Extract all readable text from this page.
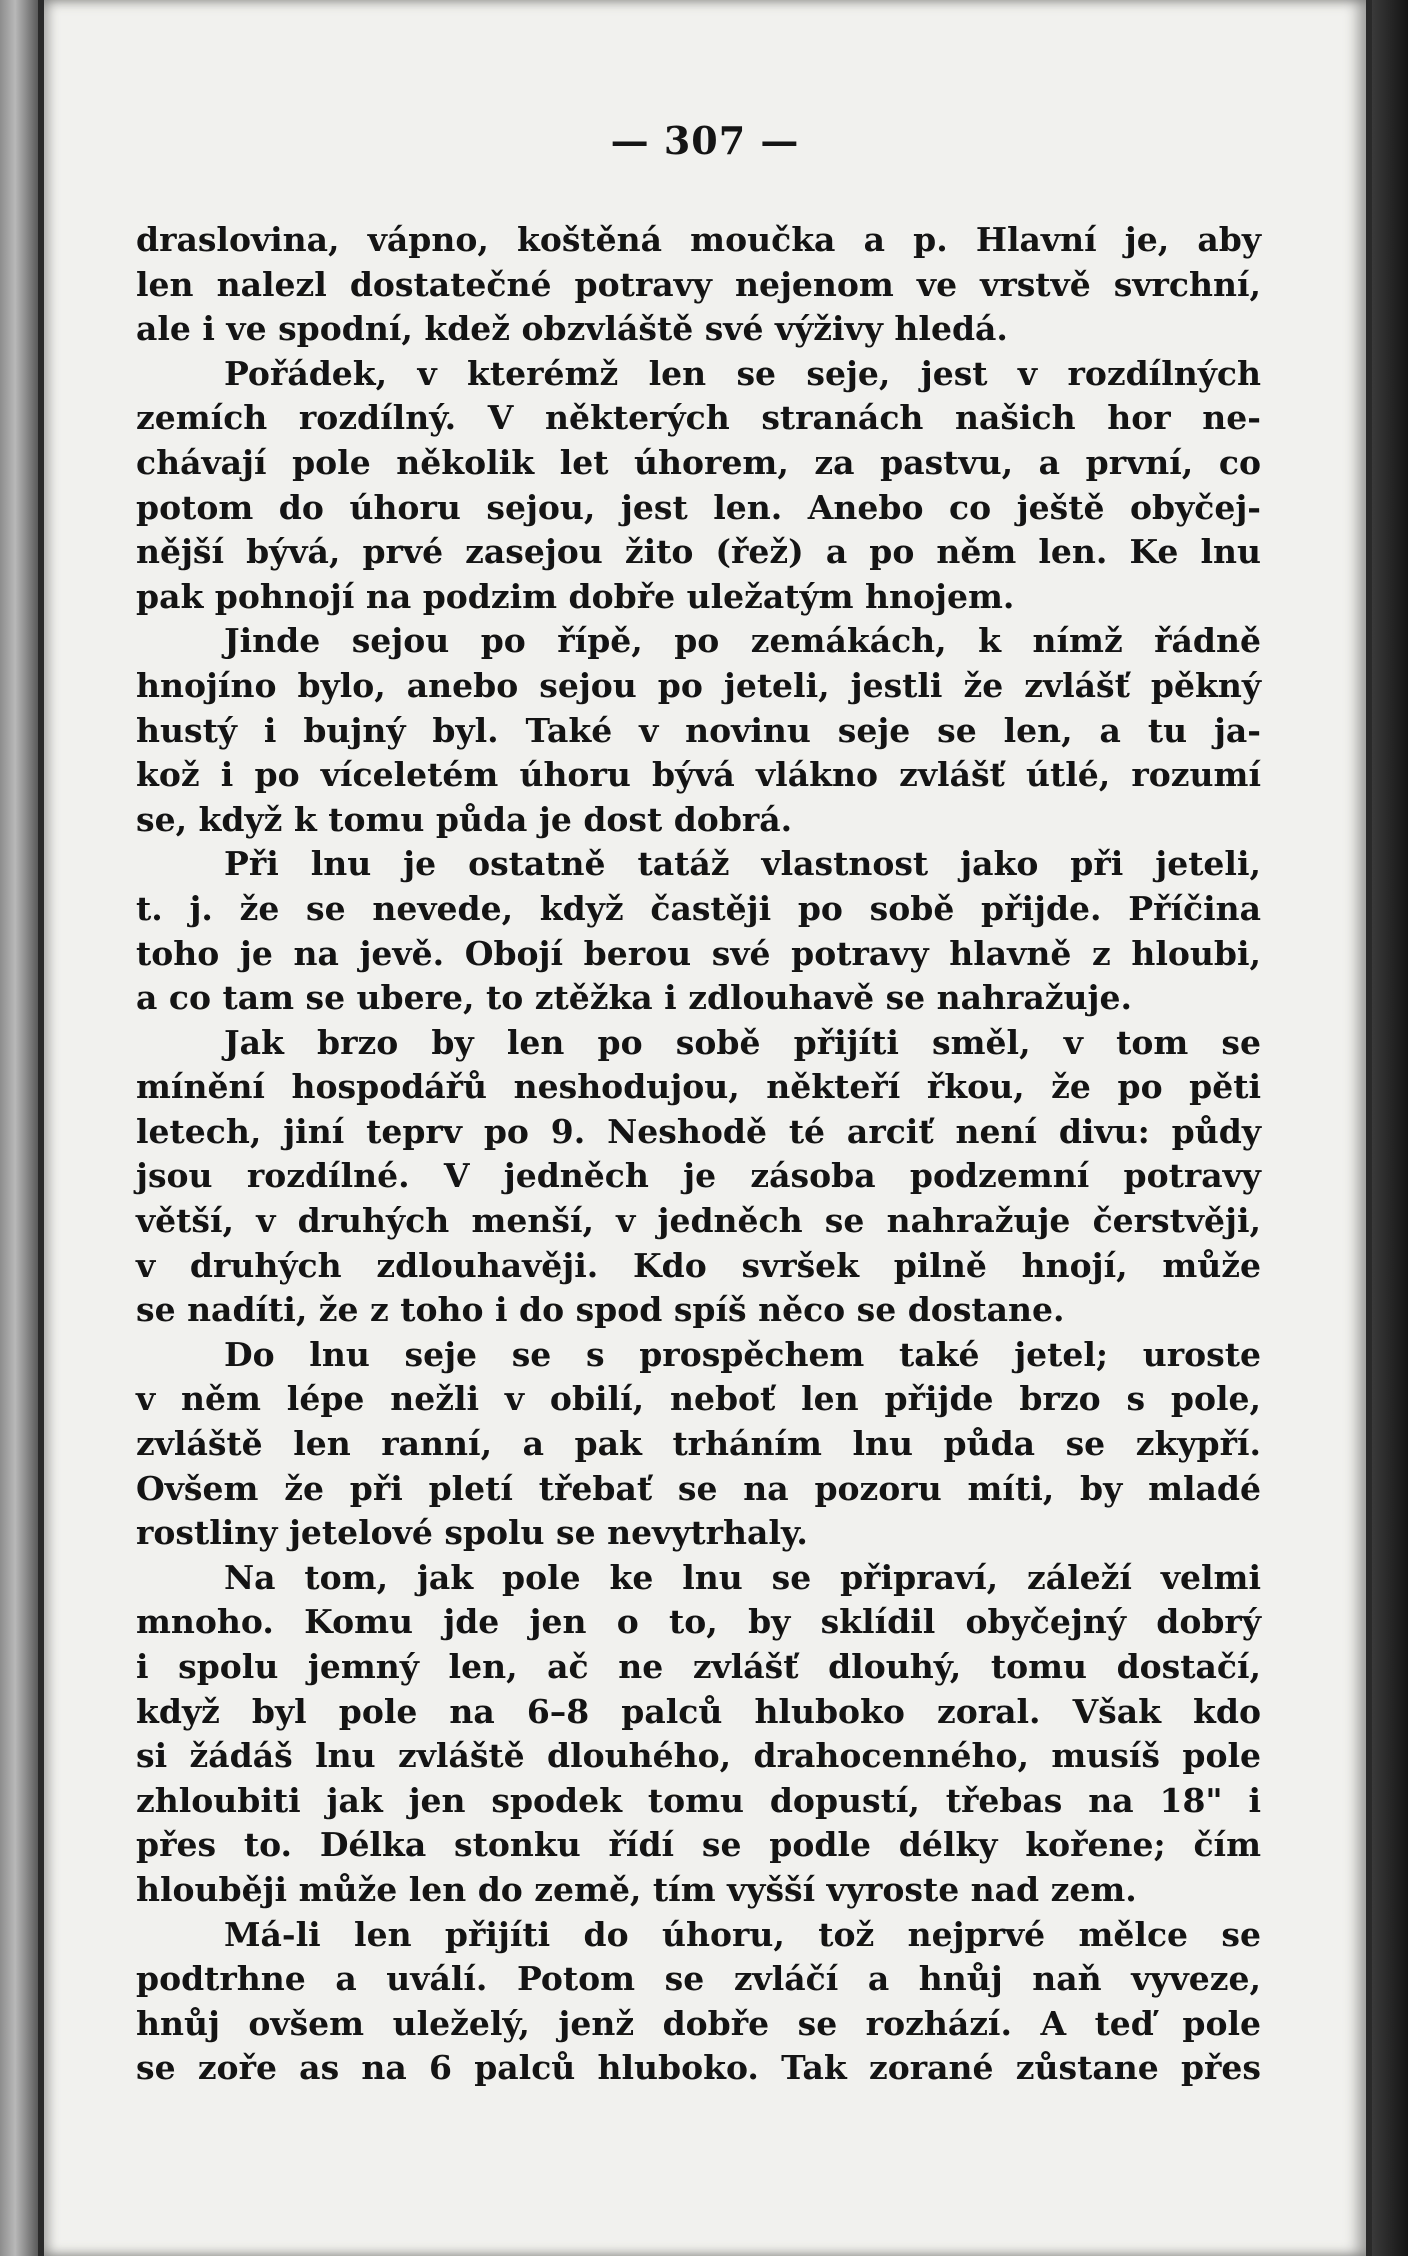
— 307 —
draslovina, vápno, koštěná moučka a p. Hlavní je, aby
len nalezl dostatečné potravy nejenom ve vrstvě svrchní,
ale i ve spodní, kdež obzvláště své výživy hledá.
Pořádek, v kterémž len se seje, jest v rozdílných
zemích rozdílný. V některých stranách našich hor ne-
chávají pole několik let úhorem, za pastvu, a první, co
potom do úhoru sejou, jest len. Anebo co ještě obyčej-
nější bývá, prvé zasejou žito (řež) a po něm len. Ke lnu
pak pohnojí na podzim dobře uležatým hnojem.
Jinde sejou po řípě, po zemákách, k nímž řádně
hnojíno bylo, anebo sejou po jeteli, jestli že zvlášť pěkný
hustý i bujný byl. Také v novinu seje se len, a tu ja-
kož i po víceletém úhoru bývá vlákno zvlášť útlé, rozumí
se, když k tomu půda je dost dobrá.
Při lnu je ostatně tatáž vlastnost jako při jeteli,
t. j. že se nevede, když častěji po sobě přijde. Příčina
toho je na jevě. Obojí berou své potravy hlavně z hloubi,
a co tam se ubere, to ztěžka i zdlouhavě se nahražuje.
Jak brzo by len po sobě přijíti směl, v tom se
mínění hospodářů neshodujou, někteří řkou, že po pěti
letech, jiní teprv po 9. Neshodě té arciť není divu: půdy
jsou rozdílné. V jedněch je zásoba podzemní potravy
větší, v druhých menší, v jedněch se nahražuje čerstvěji,
v druhých zdlouhavěji. Kdo svršek pilně hnojí, může
se nadíti, že z toho i do spod spíš něco se dostane.
Do lnu seje se s prospěchem také jetel; uroste
v něm lépe nežli v obilí, neboť len přijde brzo s pole,
zvláště len ranní, a pak trháním lnu půda se zkypří.
Ovšem že při pletí třebať se na pozoru míti, by mladé
rostliny jetelové spolu se nevytrhaly.
Na tom, jak pole ke lnu se připraví, záleží velmi
mnoho. Komu jde jen o to, by sklídil obyčejný dobrý
i spolu jemný len, ač ne zvlášť dlouhý, tomu dostačí,
když byl pole na 6–8 palců hluboko zoral. Však kdo
si žádáš lnu zvláště dlouhého, drahocenného, musíš pole
zhloubiti jak jen spodek tomu dopustí, třebas na 18" i
přes to. Délka stonku řídí se podle délky kořene; čím
hlouběji může len do země, tím vyšší vyroste nad zem.
Má-li len přijíti do úhoru, tož nejprvé mělce se
podtrhne a uválí. Potom se zvláčí a hnůj naň vyveze,
hnůj ovšem uleželý, jenž dobře se rozhází. A teď pole
se zoře as na 6 palců hluboko. Tak zorané zůstane přes
